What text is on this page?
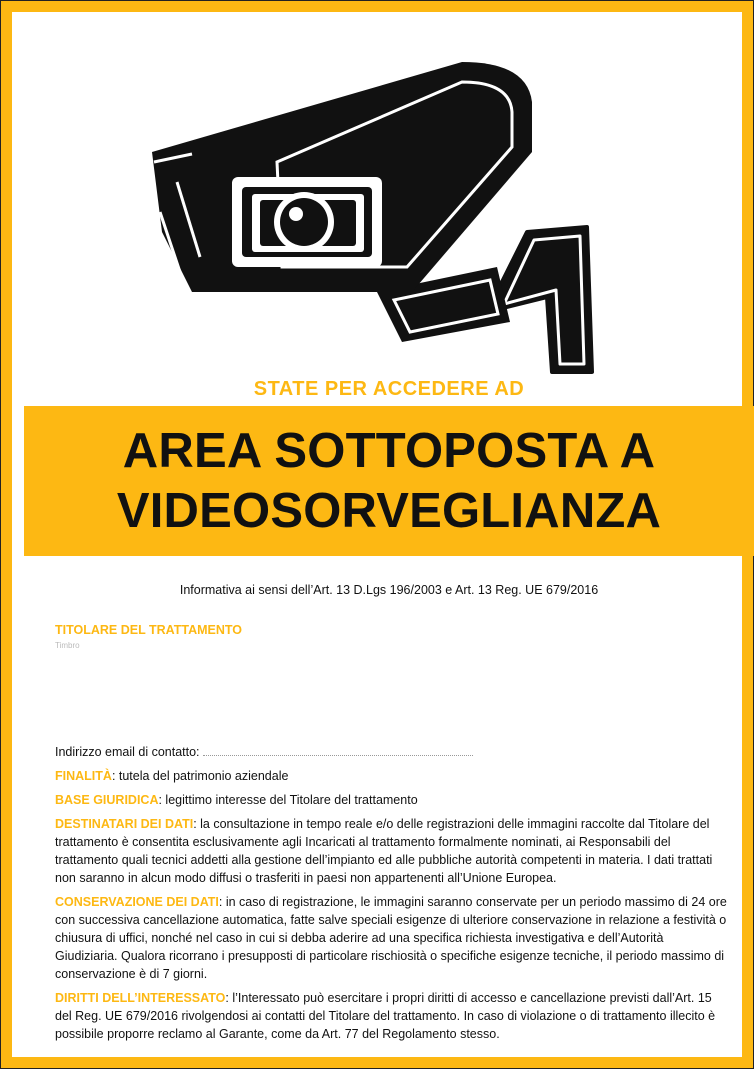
STATE PER ACCEDERE AD
AREA SOTTOPOSTA A
VIDEOSORVEGLIANZA
Informativa ai sensi dell’Art. 13 D.Lgs 196/2003 e Art. 13 Reg. UE 679/2016
TITOLARE DEL TRATTAMENTO
Timbro
Indirizzo email di contatto:
FINALITÀ: tutela del patrimonio aziendale
BASE GIURIDICA: legittimo interesse del Titolare del trattamento
DESTINATARI DEI DATI: la consultazione in tempo reale e/o delle registrazioni delle immagini raccolte dal Titolare del trattamento è consentita esclusivamente agli Incaricati al trattamento formalmente nominati, ai Responsabili del trattamento quali tecnici addetti alla gestione dell’impianto ed alle pubbliche autorità competenti in materia. I dati trattati non saranno in alcun modo diffusi o trasferiti in paesi non appartenenti all’Unione Europea.
CONSERVAZIONE DEI DATI: in caso di registrazione, le immagini saranno conservate per un periodo massimo di 24 ore con successiva cancellazione automatica, fatte salve speciali esigenze di ulteriore conservazione in relazione a festività o chiusura di uffici, nonché nel caso in cui si debba aderire ad una specifica richiesta investigativa e dell’Autorità Giudiziaria. Qualora ricorrano i presupposti di particolare rischiosità o specifiche esigenze tecniche, il periodo massimo di conservazione è di 7 giorni.
DIRITTI DELL’INTERESSATO: l’Interessato può esercitare i propri diritti di accesso e cancellazione previsti dall’Art. 15 del Reg. UE 679/2016 rivolgendosi ai contatti del Titolare del trattamento. In caso di violazione o di trattamento illecito è possibile proporre reclamo al Garante, come da Art. 77 del Regolamento stesso.
